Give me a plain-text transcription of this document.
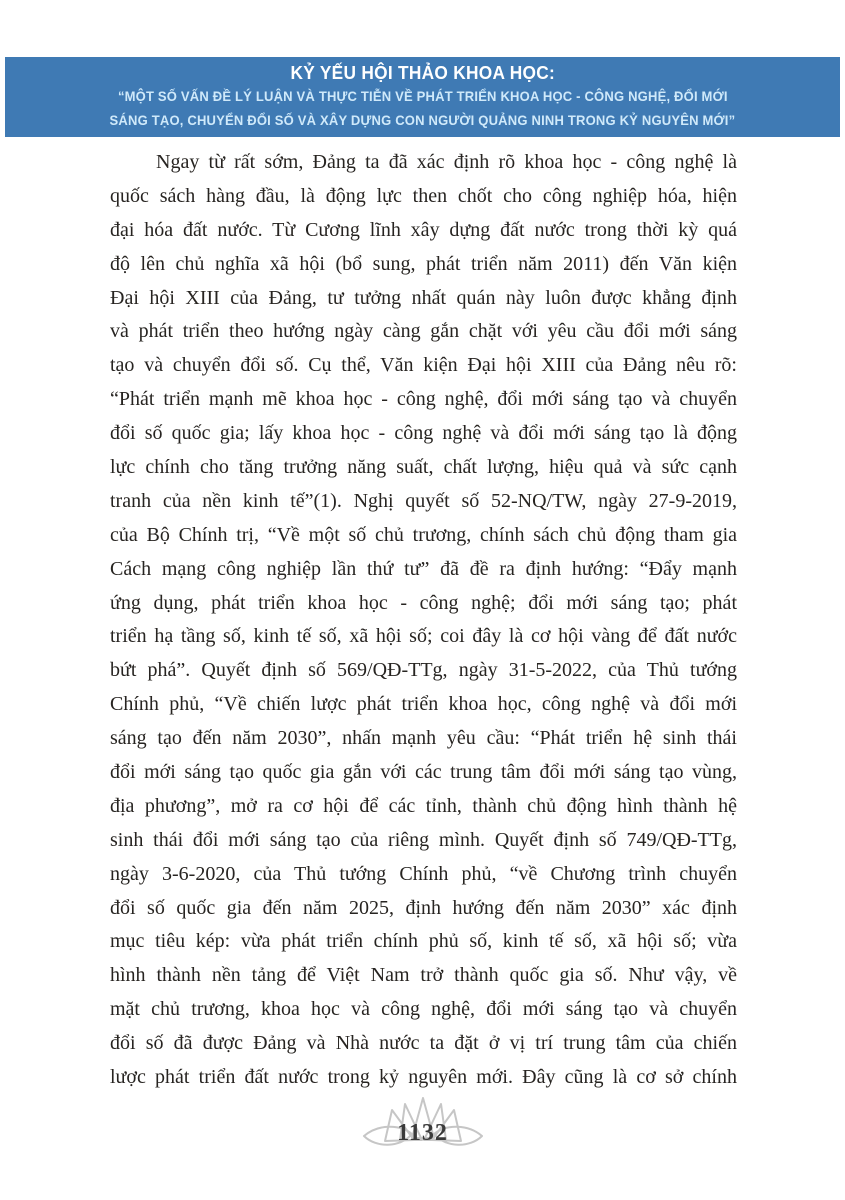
KỶ YẾU HỘI THẢO KHOA HỌC:
“MỘT SỐ VẤN ĐỀ LÝ LUẬN VÀ THỰC TIỄN VỀ PHÁT TRIỂN KHOA HỌC - CÔNG NGHỆ, ĐỔI MỚI
SÁNG TẠO, CHUYỂN ĐỔI SỐ VÀ XÂY DỰNG CON NGƯỜI QUẢNG NINH TRONG KỶ NGUYÊN MỚI”
Ngay từ rất sớm, Đảng ta đã xác định rõ khoa học - công nghệ là
quốc sách hàng đầu, là động lực then chốt cho công nghiệp hóa, hiện
đại hóa đất nước. Từ Cương lĩnh xây dựng đất nước trong thời kỳ quá
độ lên chủ nghĩa xã hội (bổ sung, phát triển năm 2011) đến Văn kiện
Đại hội XIII của Đảng, tư tưởng nhất quán này luôn được khẳng định
và phát triển theo hướng ngày càng gắn chặt với yêu cầu đổi mới sáng
tạo và chuyển đổi số. Cụ thể, Văn kiện Đại hội XIII của Đảng nêu rõ:
“Phát triển mạnh mẽ khoa học - công nghệ, đổi mới sáng tạo và chuyển
đổi số quốc gia; lấy khoa học - công nghệ và đổi mới sáng tạo là động
lực chính cho tăng trưởng năng suất, chất lượng, hiệu quả và sức cạnh
tranh của nền kinh tế”(1). Nghị quyết số 52-NQ/TW, ngày 27-9-2019,
của Bộ Chính trị, “Về một số chủ trương, chính sách chủ động tham gia
Cách mạng công nghiệp lần thứ tư” đã đề ra định hướng: “Đẩy mạnh
ứng dụng, phát triển khoa học - công nghệ; đổi mới sáng tạo; phát
triển hạ tầng số, kinh tế số, xã hội số; coi đây là cơ hội vàng để đất nước
bứt phá”. Quyết định số 569/QĐ-TTg, ngày 31-5-2022, của Thủ tướng
Chính phủ, “Về chiến lược phát triển khoa học, công nghệ và đổi mới
sáng tạo đến năm 2030”, nhấn mạnh yêu cầu: “Phát triển hệ sinh thái
đổi mới sáng tạo quốc gia gắn với các trung tâm đổi mới sáng tạo vùng,
địa phương”, mở ra cơ hội để các tỉnh, thành chủ động hình thành hệ
sinh thái đổi mới sáng tạo của riêng mình. Quyết định số 749/QĐ-TTg,
ngày 3-6-2020, của Thủ tướng Chính phủ, “về Chương trình chuyển
đổi số quốc gia đến năm 2025, định hướng đến năm 2030” xác định
mục tiêu kép: vừa phát triển chính phủ số, kinh tế số, xã hội số; vừa
hình thành nền tảng để Việt Nam trở thành quốc gia số. Như vậy, về
mặt chủ trương, khoa học và công nghệ, đổi mới sáng tạo và chuyển
đổi số đã được Đảng và Nhà nước ta đặt ở vị trí trung tâm của chiến
lược phát triển đất nước trong kỷ nguyên mới. Đây cũng là cơ sở chính
1132
